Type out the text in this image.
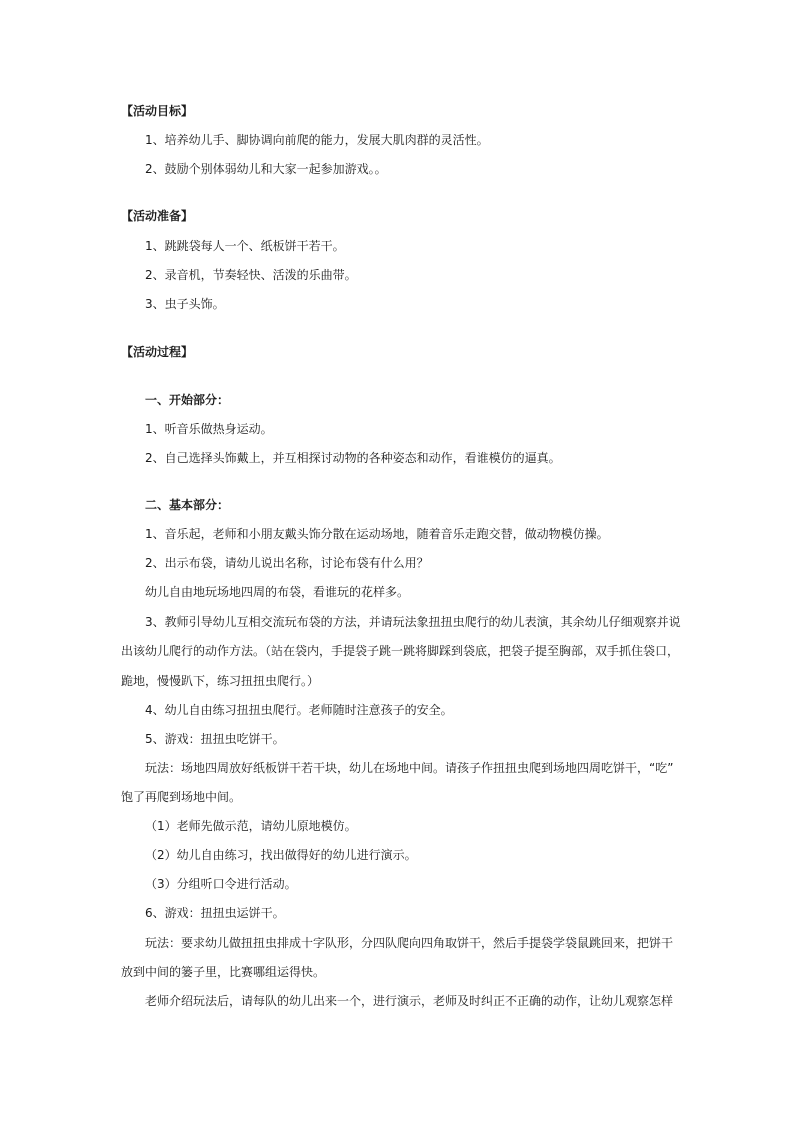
【活动目标】
1、培养幼儿手、脚协调向前爬的能力，发展大肌肉群的灵活性。
2、鼓励个别体弱幼儿和大家一起参加游戏。。
【活动准备】
1、跳跳袋每人一个、纸板饼干若干。
2、录音机，节奏轻快、活泼的乐曲带。
3、虫子头饰。
【活动过程】
一、开始部分：
1、听音乐做热身运动。
2、自己选择头饰戴上，并互相探讨动物的各种姿态和动作，看谁模仿的逼真。
二、基本部分：
1、音乐起，老师和小朋友戴头饰分散在运动场地，随着音乐走跑交替，做动物模仿操。
2、出示布袋，请幼儿说出名称，讨论布袋有什么用？
幼儿自由地玩场地四周的布袋，看谁玩的花样多。
3、教师引导幼儿互相交流玩布袋的方法，并请玩法象扭扭虫爬行的幼儿表演，其余幼儿仔细观察并说
出该幼儿爬行的动作方法。（站在袋内，手提袋子跳一跳将脚踩到袋底，把袋子提至胸部，双手抓住袋口，
跪地，慢慢趴下，练习扭扭虫爬行。）
4、幼儿自由练习扭扭虫爬行。老师随时注意孩子的安全。
5、游戏：扭扭虫吃饼干。
玩法：场地四周放好纸板饼干若干块，幼儿在场地中间。请孩子作扭扭虫爬到场地四周吃饼干，“吃”
饱了再爬到场地中间。
（1）老师先做示范，请幼儿原地模仿。
（2）幼儿自由练习，找出做得好的幼儿进行演示。
（3）分组听口令进行活动。
6、游戏：扭扭虫运饼干。
玩法：要求幼儿做扭扭虫排成十字队形，分四队爬向四角取饼干，然后手提袋学袋鼠跳回来，把饼干
放到中间的篓子里，比赛哪组运得快。
老师介绍玩法后，请每队的幼儿出来一个，进行演示，老师及时纠正不正确的动作，让幼儿观察怎样
